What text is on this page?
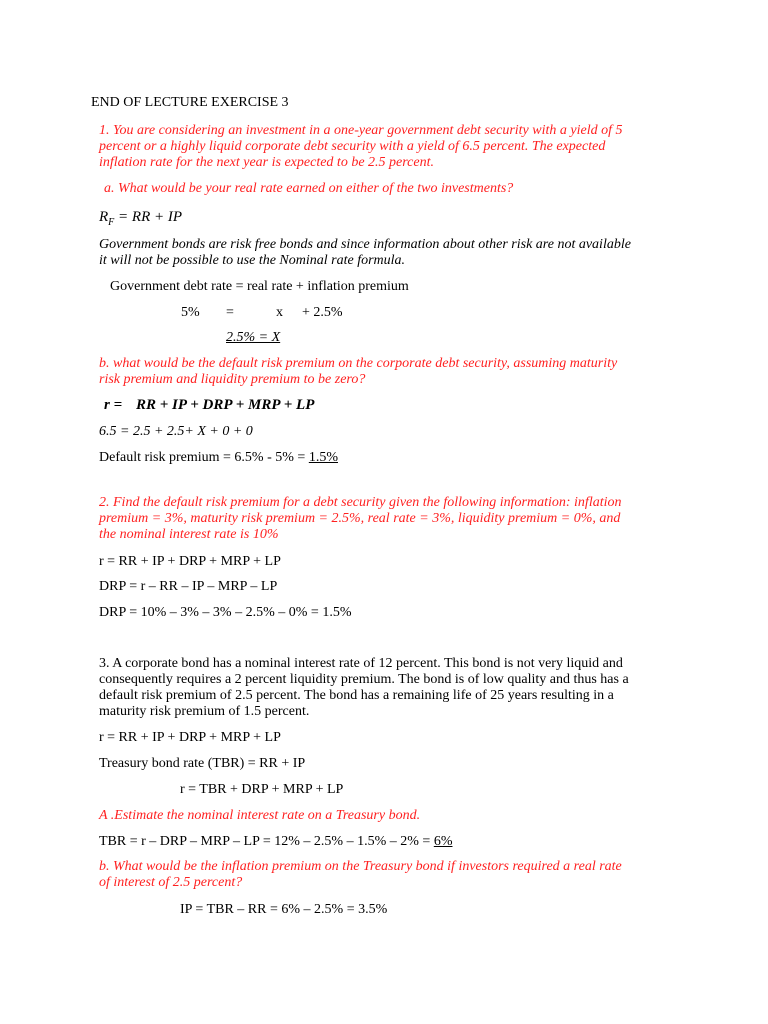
END OF LECTURE EXERCISE 3
1. You are considering an investment in a one-year government debt security with a yield of 5
percent or a highly liquid corporate debt security with a yield of 6.5 percent. The expected
inflation rate for the next year is expected to be 2.5 percent.
a. What would be your real rate earned on either of the two investments?
$R_F$ = RR + IP
Government bonds are risk free bonds and since information about other risk are not available
it will not be possible to use the Nominal rate formula.
Government debt rate = real rate + inflation premium
5% =	x + 2.5%
2.5% = X
b. what would be the default risk premium on the corporate debt security, assuming maturity
risk premium and liquidity premium to be zero?
r = RR + IP + DRP + MRP + LP
6.5 = 2.5 + 2.5+ X + 0 + 0
Default risk premium = 6.5% - 5% = 1.5%
2. Find the default risk premium for a debt security given the following information: inflation
premium = 3%, maturity risk premium = 2.5%, real rate = 3%, liquidity premium = 0%, and
the nominal interest rate is 10%
r = RR + IP + DRP + MRP + LP
DRP = r – RR – IP – MRP – LP
DRP = 10% – 3% – 3% – 2.5% – 0% = 1.5%
3. A corporate bond has a nominal interest rate of 12 percent. This bond is not very liquid and
consequently requires a 2 percent liquidity premium. The bond is of low quality and thus has a
default risk premium of 2.5 percent. The bond has a remaining life of 25 years resulting in a
maturity risk premium of 1.5 percent.
r = RR + IP + DRP + MRP + LP
Treasury bond rate (TBR) = RR + IP
r = TBR + DRP + MRP + LP
A .Estimate the nominal interest rate on a Treasury bond.
TBR = r – DRP – MRP – LP = 12% – 2.5% – 1.5% – 2% = 6%
b. What would be the inflation premium on the Treasury bond if investors required a real rate
of interest of 2.5 percent?
IP = TBR – RR = 6% – 2.5% = 3.5%
